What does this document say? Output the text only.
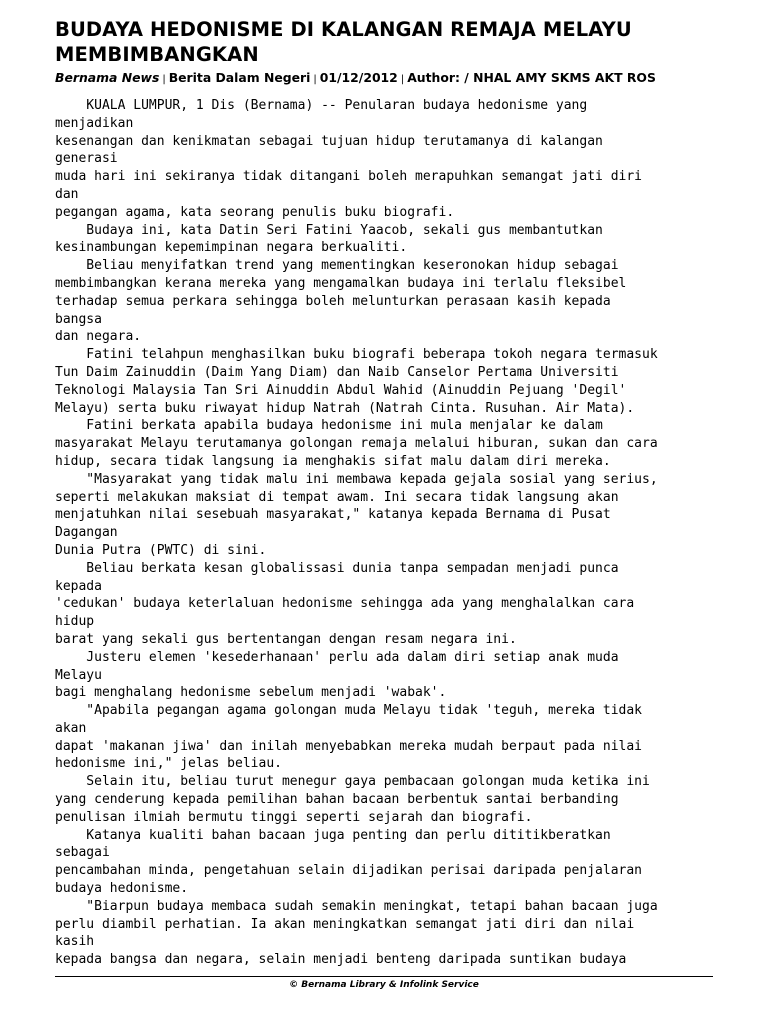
BUDAYA HEDONISME DI KALANGAN REMAJA MELAYU MEMBIMBANGKAN
Bernama News | Berita Dalam Negeri | 01/12/2012 | Author: / NHAL AMY SKMS AKT ROS
KUALA LUMPUR, 1 Dis (Bernama) -- Penularan budaya hedonisme yang
menjadikan
kesenangan dan kenikmatan sebagai tujuan hidup terutamanya di kalangan
generasi
muda hari ini sekiranya tidak ditangani boleh merapuhkan semangat jati diri
dan
pegangan agama, kata seorang penulis buku biografi.
Budaya ini, kata Datin Seri Fatini Yaacob, sekali gus membantutkan
kesinambungan kepemimpinan negara berkualiti.
Beliau menyifatkan trend yang mementingkan keseronokan hidup sebagai
membimbangkan kerana mereka yang mengamalkan budaya ini terlalu fleksibel
terhadap semua perkara sehingga boleh melunturkan perasaan kasih kepada
bangsa
dan negara.
Fatini telahpun menghasilkan buku biografi beberapa tokoh negara termasuk
Tun Daim Zainuddin (Daim Yang Diam) dan Naib Canselor Pertama Universiti
Teknologi Malaysia Tan Sri Ainuddin Abdul Wahid (Ainuddin Pejuang 'Degil'
Melayu) serta buku riwayat hidup Natrah (Natrah Cinta. Rusuhan. Air Mata).
Fatini berkata apabila budaya hedonisme ini mula menjalar ke dalam
masyarakat Melayu terutamanya golongan remaja melalui hiburan, sukan dan cara
hidup, secara tidak langsung ia menghakis sifat malu dalam diri mereka.
"Masyarakat yang tidak malu ini membawa kepada gejala sosial yang serius,
seperti melakukan maksiat di tempat awam. Ini secara tidak langsung akan
menjatuhkan nilai sesebuah masyarakat," katanya kepada Bernama di Pusat
Dagangan
Dunia Putra (PWTC) di sini.
Beliau berkata kesan globalissasi dunia tanpa sempadan menjadi punca
kepada
'cedukan' budaya keterlaluan hedonisme sehingga ada yang menghalalkan cara
hidup
barat yang sekali gus bertentangan dengan resam negara ini.
Justeru elemen 'kesederhanaan' perlu ada dalam diri setiap anak muda
Melayu
bagi menghalang hedonisme sebelum menjadi 'wabak'.
"Apabila pegangan agama golongan muda Melayu tidak 'teguh, mereka tidak
akan
dapat 'makanan jiwa' dan inilah menyebabkan mereka mudah berpaut pada nilai
hedonisme ini," jelas beliau.
Selain itu, beliau turut menegur gaya pembacaan golongan muda ketika ini
yang cenderung kepada pemilihan bahan bacaan berbentuk santai berbanding
penulisan ilmiah bermutu tinggi seperti sejarah dan biografi.
Katanya kualiti bahan bacaan juga penting dan perlu dititikberatkan
sebagai
pencambahan minda, pengetahuan selain dijadikan perisai daripada penjalaran
budaya hedonisme.
"Biarpun budaya membaca sudah semakin meningkat, tetapi bahan bacaan juga
perlu diambil perhatian. Ia akan meningkatkan semangat jati diri dan nilai
kasih
kepada bangsa dan negara, selain menjadi benteng daripada suntikan budaya
© Bernama Library & Infolink Service
